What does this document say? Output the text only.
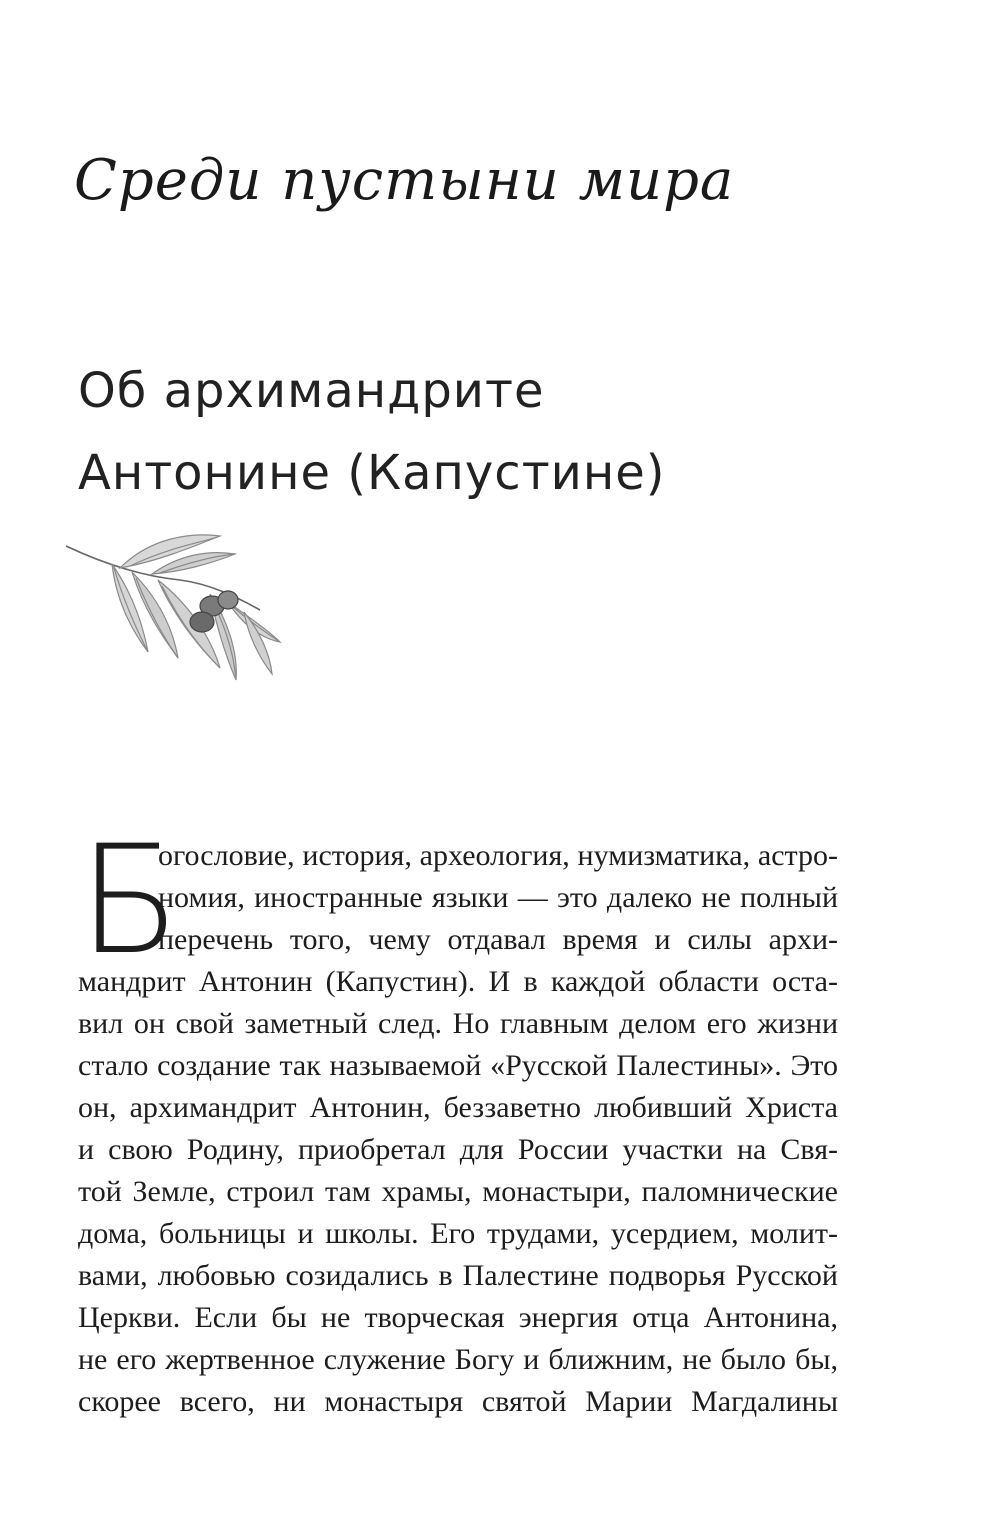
Среди пустыни мира
Об архимандрите
Антонине (Капустине)
Б
огословие, история, археология, нумизматика, астро-
номия, иностранные языки — это далеко не полный
перечень того, чему отдавал время и силы архи-
мандрит Антонин (Капустин). И в каждой области оста-
вил он свой заметный след. Но главным делом его жизни
стало создание так называемой «Русской Палестины». Это
он, архимандрит Антонин, беззаветно любивший Христа
и свою Родину, приобретал для России участки на Свя-
той Земле, строил там храмы, монастыри, паломнические
дома, больницы и школы. Его трудами, усердием, молит-
вами, любовью созидались в Палестине подворья Русской
Церкви. Если бы не творческая энергия отца Антонина,
не его жертвенное служение Богу и ближним, не было бы,
скорее всего, ни монастыря святой Марии Магдалины
